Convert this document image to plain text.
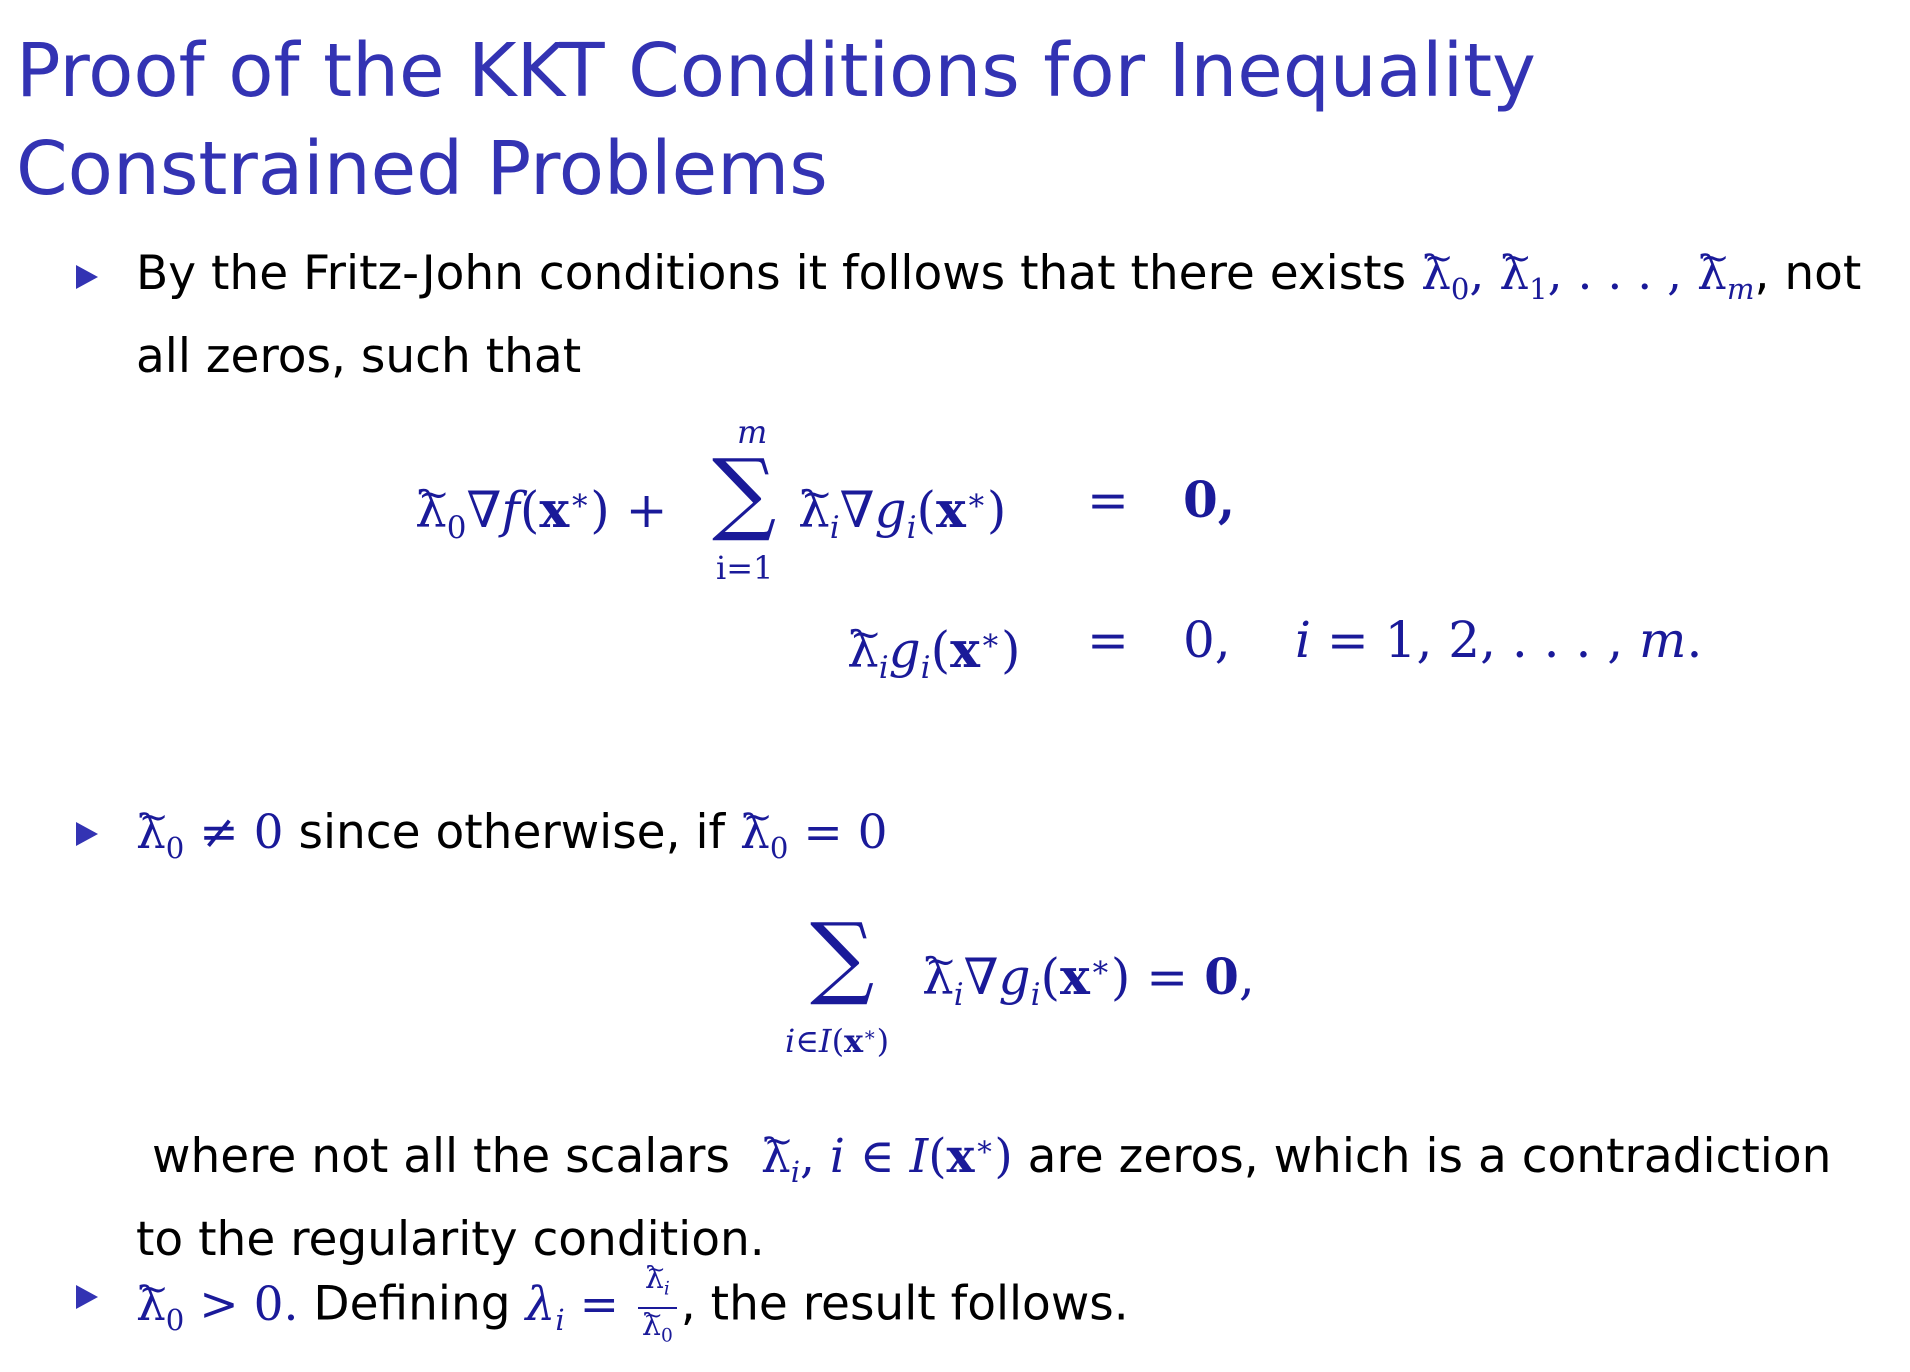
Proof of the KKT Conditions for Inequality Constrained Problems
By the Fritz-John conditions it follows that there exists ~ $\lambda_0$, ~ $\lambda_1$, . . . , ~ $\lambda_m$, not all zeros, such that
~ $\lambda_0\nabla f(x^∗)$ + ∑
m
i=1
~ $\lambda_i\nabla g_i(x^∗) = 0$,
~ $\lambda_ig_i(x^∗) = 0$, i = 1, 2, . . . , m.
~ $\lambda_0 \ne 0$ since otherwise, if ~ $\lambda_0 = 0$
∑
i∈I(x∗)
~ $\lambda_i\nabla g_i(x^∗) = 0$,
where not all the scalars ~ $\lambda_i$, i ∈ I(x∗) are zeros, which is a contradiction to the regularity condition.
~ $\lambda_0 > 0$. Defining $\lambda_i$ = ~ $\lambda_i$
~ $\lambda_0$ , the result follows.
